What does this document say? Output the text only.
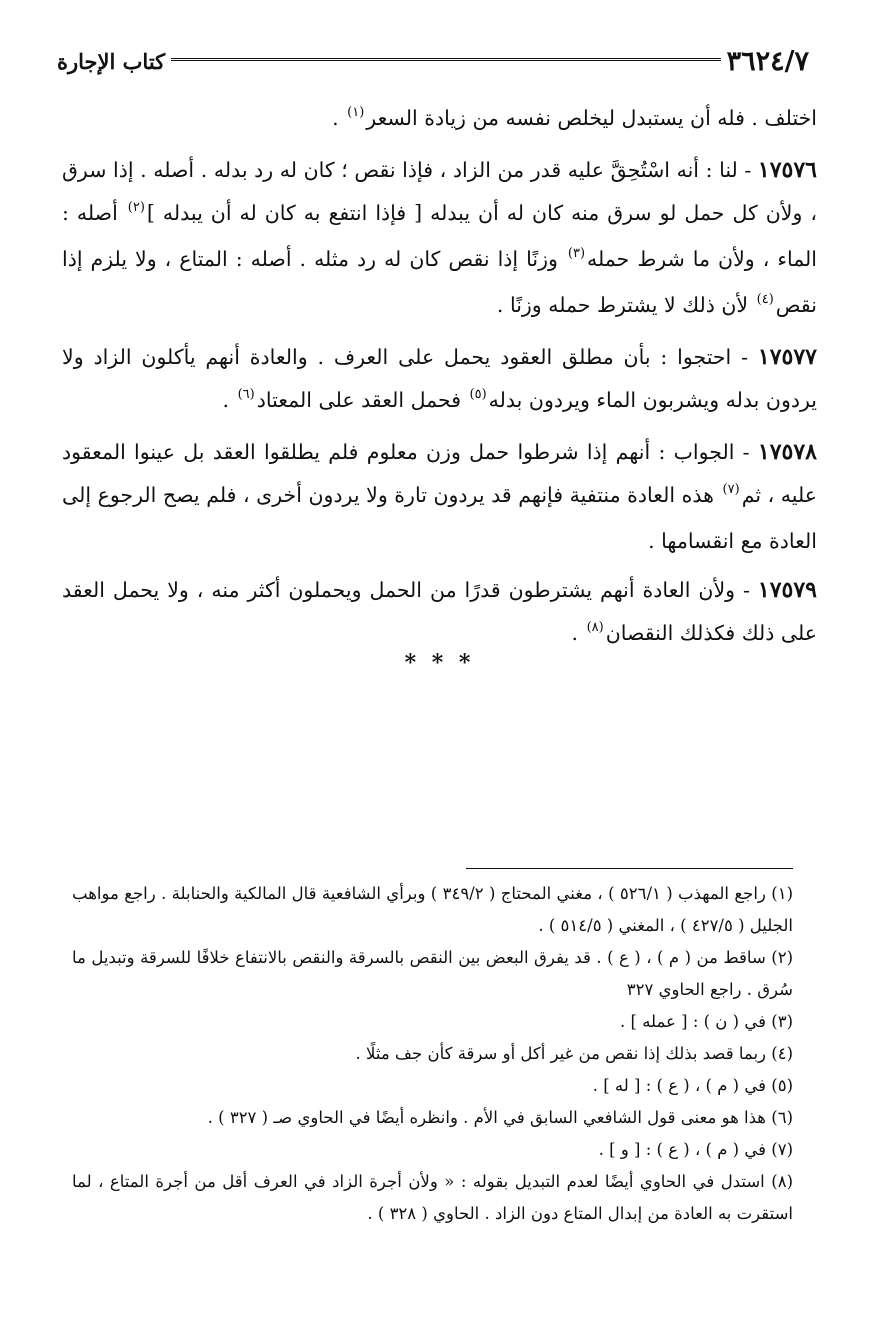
٣٦٢٤/٧
كتاب الإجارة

اختلف . فله أن يستبدل ليخلص نفسه من زيادة السعر$^{(١)}$ .

١٧٥٧٦ - لنا : أنه اسْتُحِقَّ عليه قدر من الزاد ، فإذا نقص ؛ كان له رد بدله . أصله . إذا سرق ، ولأن كل حمل لو سرق منه كان له أن يبدله [ فإذا انتفع به كان له أن يبدله ]$^{(٢)}$ أصله : الماء ، ولأن ما شرط حمله$^{(٣)}$ وزنًا إذا نقص كان له رد مثله . أصله : المتاع ، ولا يلزم إذا نقص$^{(٤)}$ لأن ذلك لا يشترط حمله وزنًا .

١٧٥٧٧ - احتجوا : بأن مطلق العقود يحمل على العرف . والعادة أنهم يأكلون الزاد ولا يردون بدله ويشربون الماء ويردون بدله$^{(٥)}$ فحمل العقد على المعتاد$^{(٦)}$ .

١٧٥٧٨ - الجواب : أنهم إذا شرطوا حمل وزن معلوم فلم يطلقوا العقد بل عينوا المعقود عليه ، ثم$^{(٧)}$ هذه العادة منتفية فإنهم قد يردون تارة ولا يردون أخرى ، فلم يصح الرجوع إلى العادة مع انقسامها .

١٧٥٧٩ - ولأن العادة أنهم يشترطون قدرًا من الحمل ويحملون أكثر منه ، ولا يحمل العقد على ذلك فكذلك النقصان$^{(٨)}$ .

* * *

(١) راجع المهذب ( ٥٢٦/١ ) ، مغني المحتاج ( ٣٤٩/٢ ) وبرأي الشافعية قال المالكية والحنابلة . راجع مواهب الجليل ( ٤٢٧/٥ ) ، المغني ( ٥١٤/٥ ) .

(٢) ساقط من ( م ) ، ( ع ) . قد يفرق البعض بين النقص بالسرقة والنقص بالانتفاع خلافًا للسرقة وتبديل ما سُرق . راجع الحاوي ٣٢٧

(٣) في ( ن ) : [ عمله ] .

(٤) ربما قصد بذلك إذا نقص من غير أكل أو سرقة كأن جف مثلًا .

(٥) في ( م ) ، ( ع ) : [ له ] .

(٦) هذا هو معنى قول الشافعي السابق في الأم . وانظره أيضًا في الحاوي صـ ( ٣٢٧ ) .

(٧) في ( م ) ، ( ع ) : [ و ] .

(٨) استدل في الحاوي أيضًا لعدم التبديل بقوله : « ولأن أجرة الزاد في العرف أقل من أجرة المتاع ، لما استقرت به العادة من إبدال المتاع دون الزاد . الحاوي ( ٣٢٨ ) .
